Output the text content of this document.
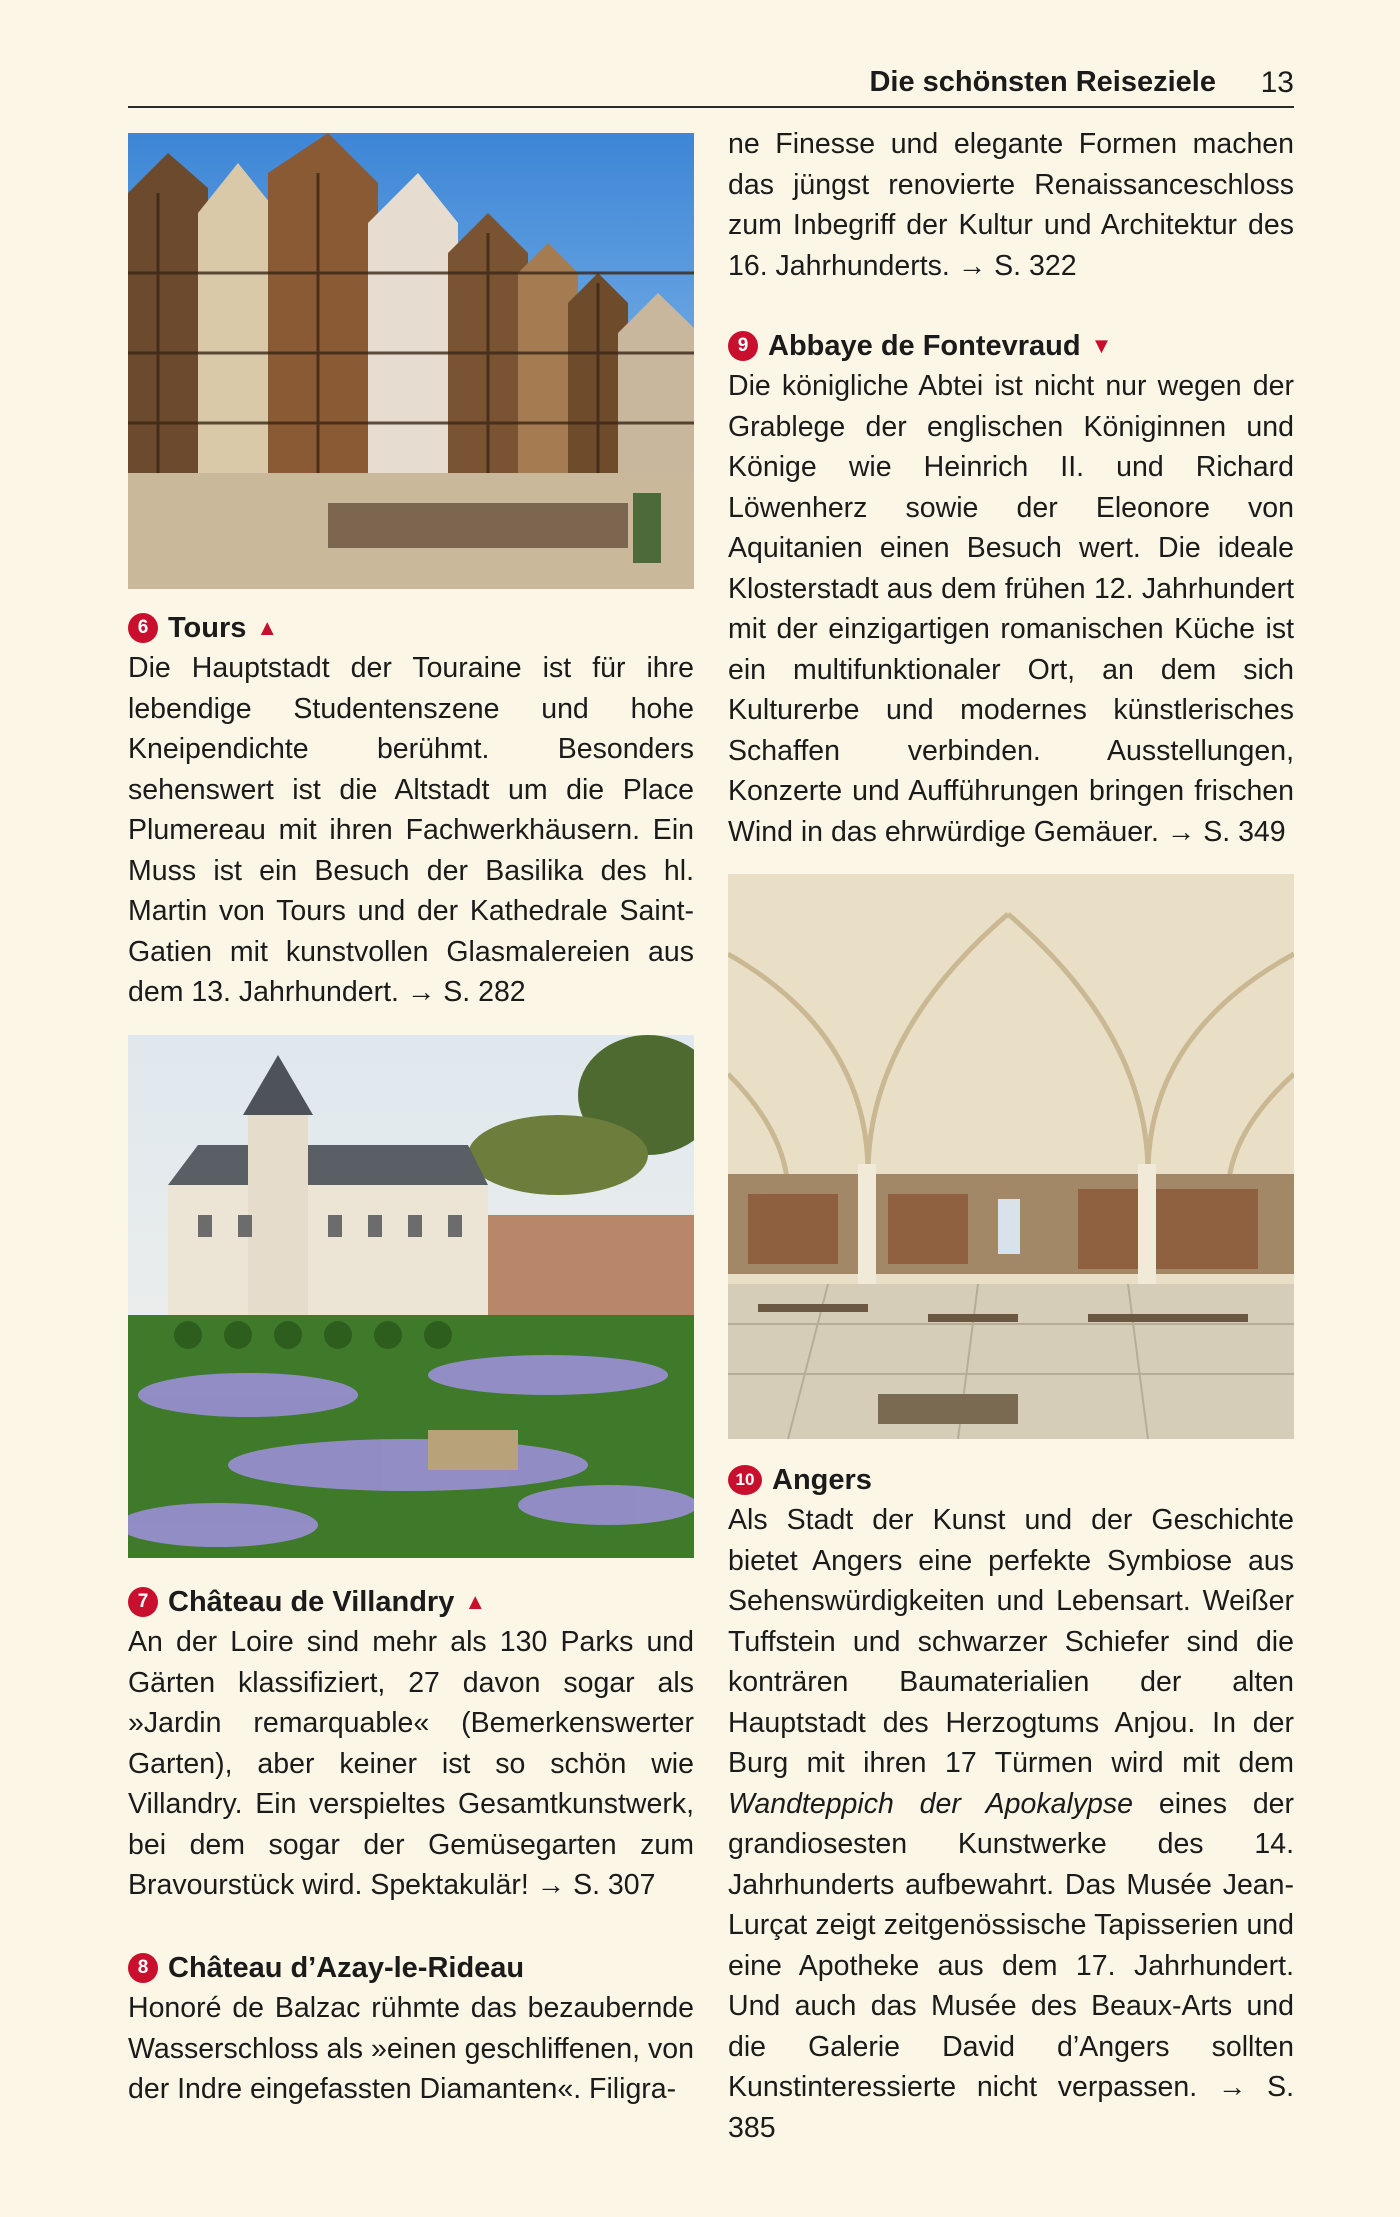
Die schönsten Reiseziele 13
6 Tours ▲

Die Hauptstadt der Touraine ist für ihre lebendige Studentenszene und hohe Kneipendichte berühmt. Besonders sehenswert ist die Altstadt um die Place Plumereau mit ihren Fachwerkhäusern. Ein Muss ist ein Besuch der Basilika des hl. Martin von Tours und der Kathedrale Saint-Gatien mit kunstvollen Glasmalereien aus dem 13. Jahrhundert. → S. 282

7 Château de Villandry ▲

An der Loire sind mehr als 130 Parks und Gärten klassifiziert, 27 davon sogar als »Jardin remarquable« (Bemerkenswerter Garten), aber keiner ist so schön wie Villandry. Ein verspieltes Gesamtkunstwerk, bei dem sogar der Gemüsegarten zum Bravourstück wird. Spektakulär! → S. 307

8 Château d’Azay-le-Rideau

Honoré de Balzac rühmte das bezaubernde Wasserschloss als »einen geschliffenen, von der Indre eingefassten Diamanten«. Filigra-

ne Finesse und elegante Formen machen das jüngst renovierte Renaissanceschloss zum Inbegriff der Kultur und Architektur des 16. Jahrhunderts. → S. 322

9 Abbaye de Fontevraud ▼

Die königliche Abtei ist nicht nur wegen der Grablege der englischen Königinnen und Könige wie Heinrich II. und Richard Löwenherz sowie der Eleonore von Aquitanien einen Besuch wert. Die ideale Klosterstadt aus dem frühen 12. Jahrhundert mit der einzigartigen romanischen Küche ist ein multifunktionaler Ort, an dem sich Kulturerbe und modernes künstlerisches Schaffen verbinden. Ausstellungen, Konzerte und Aufführungen bringen frischen Wind in das ehrwürdige Gemäuer. → S. 349

10 Angers

Als Stadt der Kunst und der Geschichte bietet Angers eine perfekte Symbiose aus Sehenswürdigkeiten und Lebensart. Weißer Tuffstein und schwarzer Schiefer sind die konträren Baumaterialien der alten Hauptstadt des Herzogtums Anjou. In der Burg mit ihren 17 Türmen wird mit dem Wandteppich der Apokalypse eines der grandiosesten Kunstwerke des 14. Jahrhunderts aufbewahrt. Das Musée Jean-Lurçat zeigt zeitgenössische Tapisserien und eine Apotheke aus dem 17. Jahrhundert. Und auch das Musée des Beaux-Arts und die Galerie David d’Angers sollten Kunstinteressierte nicht verpassen. → S. 385
